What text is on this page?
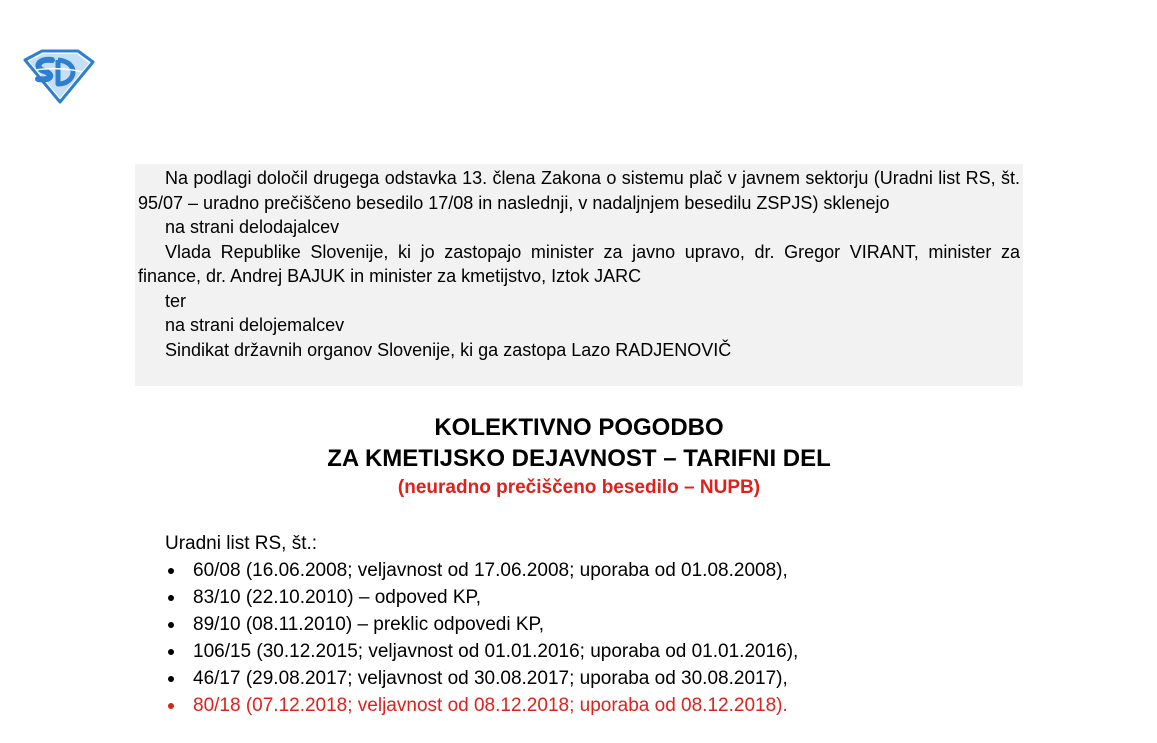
Na podlagi določil drugega odstavka 13. člena Zakona o sistemu plač v javnem sektorju (Uradni list RS, št. 95/07 – uradno prečiščeno besedilo 17/08 in naslednji, v nadaljnjem besedilu ZSPJS) sklenejo

na strani delodajalcev

Vlada Republike Slovenije, ki jo zastopajo minister za javno upravo, dr. Gregor VIRANT, minister za finance, dr. Andrej BAJUK in minister za kmetijstvo, Iztok JARC

ter

na strani delojemalcev

Sindikat državnih organov Slovenije, ki ga zastopa Lazo RADJENOVIČ

KOLEKTIVNO POGODBO
ZA KMETIJSKO DEJAVNOST – TARIFNI DEL
(neuradno prečiščeno besedilo – NUPB)
Uradni list RS, št.:
60/08 (16.06.2008; veljavnost od 17.06.2008; uporaba od 01.08.2008),
83/10 (22.10.2010) – odpoved KP,
89/10 (08.11.2010) – preklic odpovedi KP,
106/15 (30.12.2015; veljavnost od 01.01.2016; uporaba od 01.01.2016),
46/17 (29.08.2017; veljavnost od 30.08.2017; uporaba od 30.08.2017),
80/18 (07.12.2018; veljavnost od 08.12.2018; uporaba od 08.12.2018).
